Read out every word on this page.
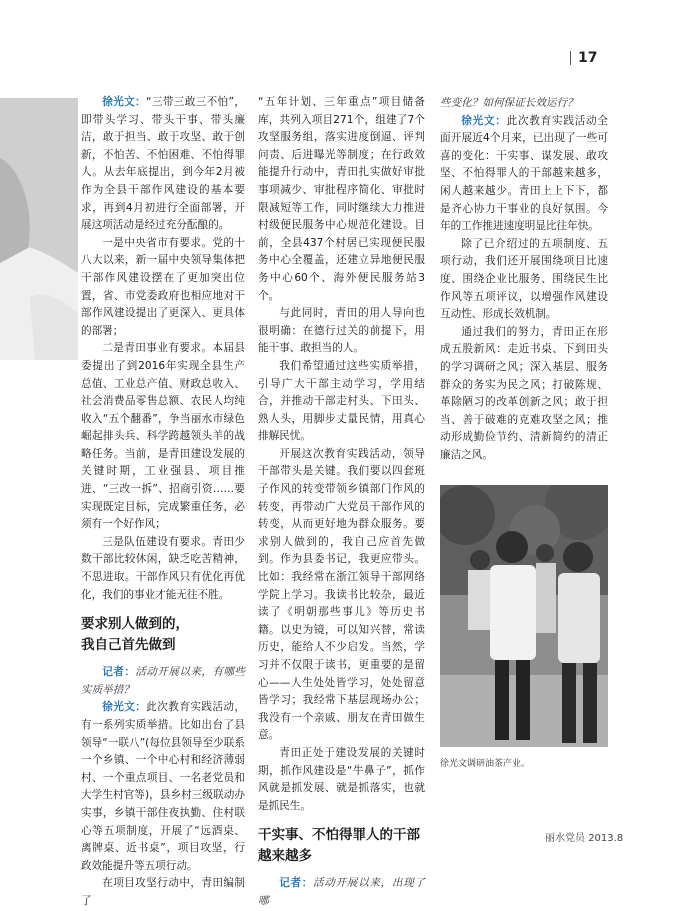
17

徐光文：“三带三敢三不怕”，即带头学习、带头干事、带头廉洁，敢于担当、敢于攻坚、敢于创新，不怕苦、不怕困难、不怕得罪人。从去年底提出，到今年2月被作为全县干部作风建设的基本要求，再到4月初进行全面部署，开展这项活动是经过充分酝酿的。

一是中央省市有要求。党的十八大以来，新一届中央领导集体把干部作风建设摆在了更加突出位置，省、市党委政府也相应地对干部作风建设提出了更深入、更具体的部署；

二是青田事业有要求。本届县委提出了到2016年实现全县生产总值、工业总产值、财政总收入、社会消费品零售总额、农民人均纯收入“五个翻番”，争当丽水市绿色崛起排头兵、科学跨越领头羊的战略任务。当前，是青田建设发展的关键时期，工业强县、项目推进、“三改一拆”、招商引资……要实现既定目标，完成繁重任务，必须有一个好作风；

三是队伍建设有要求。青田少数干部比较休闲，缺乏吃苦精神，不思进取。干部作风只有优化再优化，我们的事业才能无往不胜。

要求别人做到的，
我自己首先做到

记者：活动开展以来，有哪些实质举措？

徐光文：此次教育实践活动，有一系列实质举措。比如出台了县领导“一联八”(每位县领导至少联系一个乡镇、一个中心村和经济薄弱村、一个重点项目、一名老党员和大学生村官等)，县乡村三级联动办实事，乡镇干部住夜执勤、住村联心等五项制度，开展了“远酒桌、离牌桌、近书桌”，项目攻坚，行政效能提升等五项行动。

在项目攻坚行动中，青田编制了

“五年计划、三年重点”项目储备库，共列入项目271个，组建了7个攻坚服务组，落实进度倒逼、评判问责、后进曝光等制度；在行政效能提升行动中，青田扎实做好审批事项减少、审批程序简化、审批时限减短等工作，同时继续大力推进村级便民服务中心规范化建设。目前，全县437个村居已实现便民服务中心全覆盖，还建立异地便民服务中心60个、海外便民服务站3个。

与此同时，青田的用人导向也很明确：在德行过关的前提下，用能干事、敢担当的人。

我们希望通过这些实质举措，引导广大干部主动学习，学用结合，并推动干部走村头、下田头、熟人头，用脚步丈量民情，用真心排解民忧。

开展这次教育实践活动，领导干部带头是关键。我们要以四套班子作风的转变带领乡镇部门作风的转变，再带动广大党员干部作风的转变，从而更好地为群众服务。要求别人做到的，我自己应首先做到。作为县委书记，我更应带头。比如：我经常在浙江领导干部网络学院上学习。我读书比较杂，最近读了《明朝那些事儿》等历史书籍。以史为镜，可以知兴替，常读历史，能给人不少启发。当然，学习并不仅限于读书，更重要的是留心——人生处处皆学习，处处留意皆学习；我经常下基层现场办公；我没有一个亲戚、朋友在青田做生意。

青田正处于建设发展的关键时期，抓作风建设是“牛鼻子”，抓作风就是抓发展、就是抓落实，也就是抓民生。

干实事、不怕得罪人的干部
越来越多

记者：活动开展以来，出现了哪

些变化？如何保证长效运行？

徐光文：此次教育实践活动全面开展近4个月来，已出现了一些可喜的变化：干实事、谋发展、敢攻坚、不怕得罪人的干部越来越多，闲人越来越少。青田上上下下，都是齐心协力干事业的良好氛围。今年的工作推进速度明显比往年快。

除了已介绍过的五项制度、五项行动，我们还开展围绕项目比速度、围绕企业比服务、围绕民生比作风等五项评议，以增强作风建设互动性、形成长效机制。

通过我们的努力，青田正在形成五股新风：走近书桌、下到田头的学习调研之风；深入基层、服务群众的务实为民之风；打破陈规、革除陋习的改革创新之风；敢于担当、善于破难的克难攻坚之风；推动形成勤俭节约、清新简约的清正廉洁之风。

徐光文调研油茶产业。
丽水党员 2013.8
